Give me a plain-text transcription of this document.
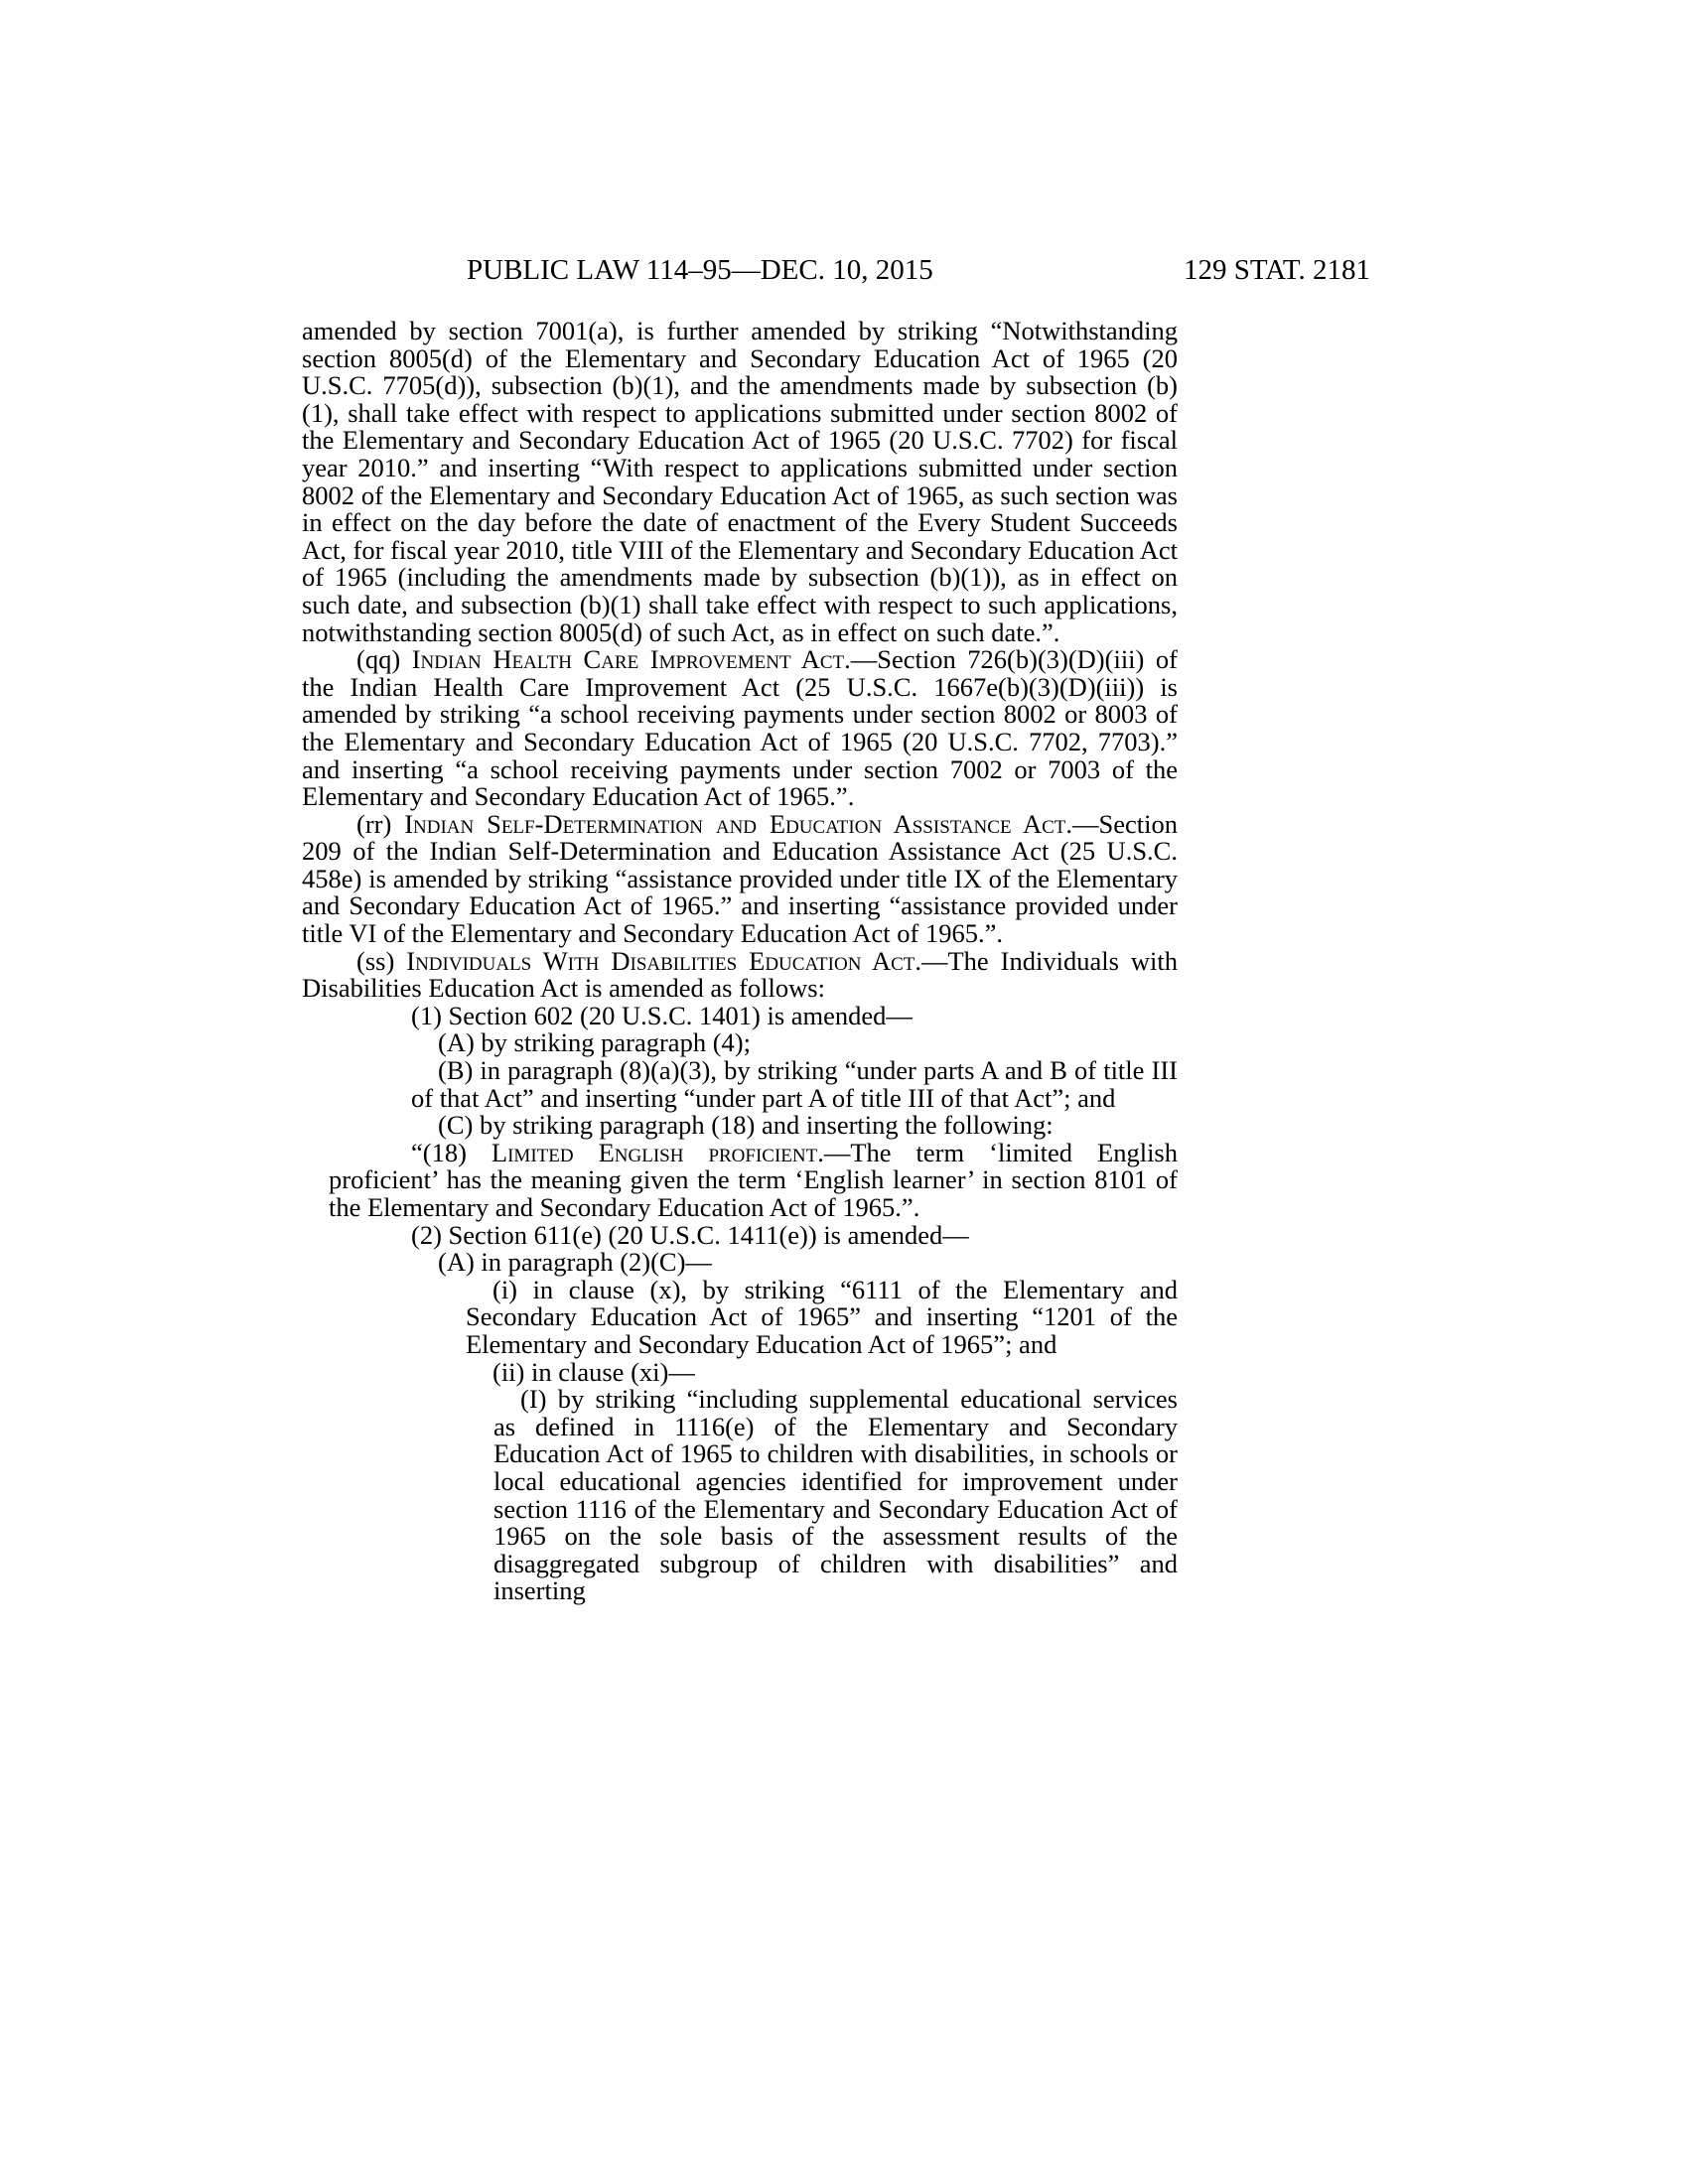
PUBLIC LAW 114–95—DEC. 10, 2015	129 STAT. 2181

amended by section 7001(a), is further amended by striking “Notwithstanding section 8005(d) of the Elementary and Secondary Education Act of 1965 (20 U.S.C. 7705(d)), subsection (b)(1), and the amendments made by subsection (b)(1), shall take effect with respect to applications submitted under section 8002 of the Elementary and Secondary Education Act of 1965 (20 U.S.C. 7702) for fiscal year 2010.” and inserting “With respect to applications submitted under section 8002 of the Elementary and Secondary Education Act of 1965, as such section was in effect on the day before the date of enactment of the Every Student Succeeds Act, for fiscal year 2010, title VIII of the Elementary and Secondary Education Act of 1965 (including the amendments made by subsection (b)(1)), as in effect on such date, and subsection (b)(1) shall take effect with respect to such applications, notwithstanding section 8005(d) of such Act, as in effect on such date.”.

(qq) Indian Health Care Improvement Act.—Section 726(b)(3)(D)(iii) of the Indian Health Care Improvement Act (25 U.S.C. 1667e(b)(3)(D)(iii)) is amended by striking “a school receiving payments under section 8002 or 8003 of the Elementary and Secondary Education Act of 1965 (20 U.S.C. 7702, 7703).” and inserting “a school receiving payments under section 7002 or 7003 of the Elementary and Secondary Education Act of 1965.”.

(rr) Indian Self-Determination and Education Assistance Act.—Section 209 of the Indian Self-Determination and Education Assistance Act (25 U.S.C. 458e) is amended by striking “assistance provided under title IX of the Elementary and Secondary Education Act of 1965.” and inserting “assistance provided under title VI of the Elementary and Secondary Education Act of 1965.”.

(ss) Individuals With Disabilities Education Act.—The Individuals with Disabilities Education Act is amended as follows:

(1) Section 602 (20 U.S.C. 1401) is amended—

(A) by striking paragraph (4);

(B) in paragraph (8)(a)(3), by striking “under parts A and B of title III of that Act” and inserting “under part A of title III of that Act”; and

(C) by striking paragraph (18) and inserting the following:

“(18) Limited English proficient.—The term ‘limited English proficient’ has the meaning given the term ‘English learner’ in section 8101 of the Elementary and Secondary Education Act of 1965.”.

(2) Section 611(e) (20 U.S.C. 1411(e)) is amended—

(A) in paragraph (2)(C)—

(i) in clause (x), by striking “6111 of the Elementary and Secondary Education Act of 1965” and inserting “1201 of the Elementary and Secondary Education Act of 1965”; and

(ii) in clause (xi)—

(I) by striking “including supplemental educational services as defined in 1116(e) of the Elementary and Secondary Education Act of 1965 to children with disabilities, in schools or local educational agencies identified for improvement under section 1116 of the Elementary and Secondary Education Act of 1965 on the sole basis of the assessment results of the disaggregated subgroup of children with disabilities” and inserting
